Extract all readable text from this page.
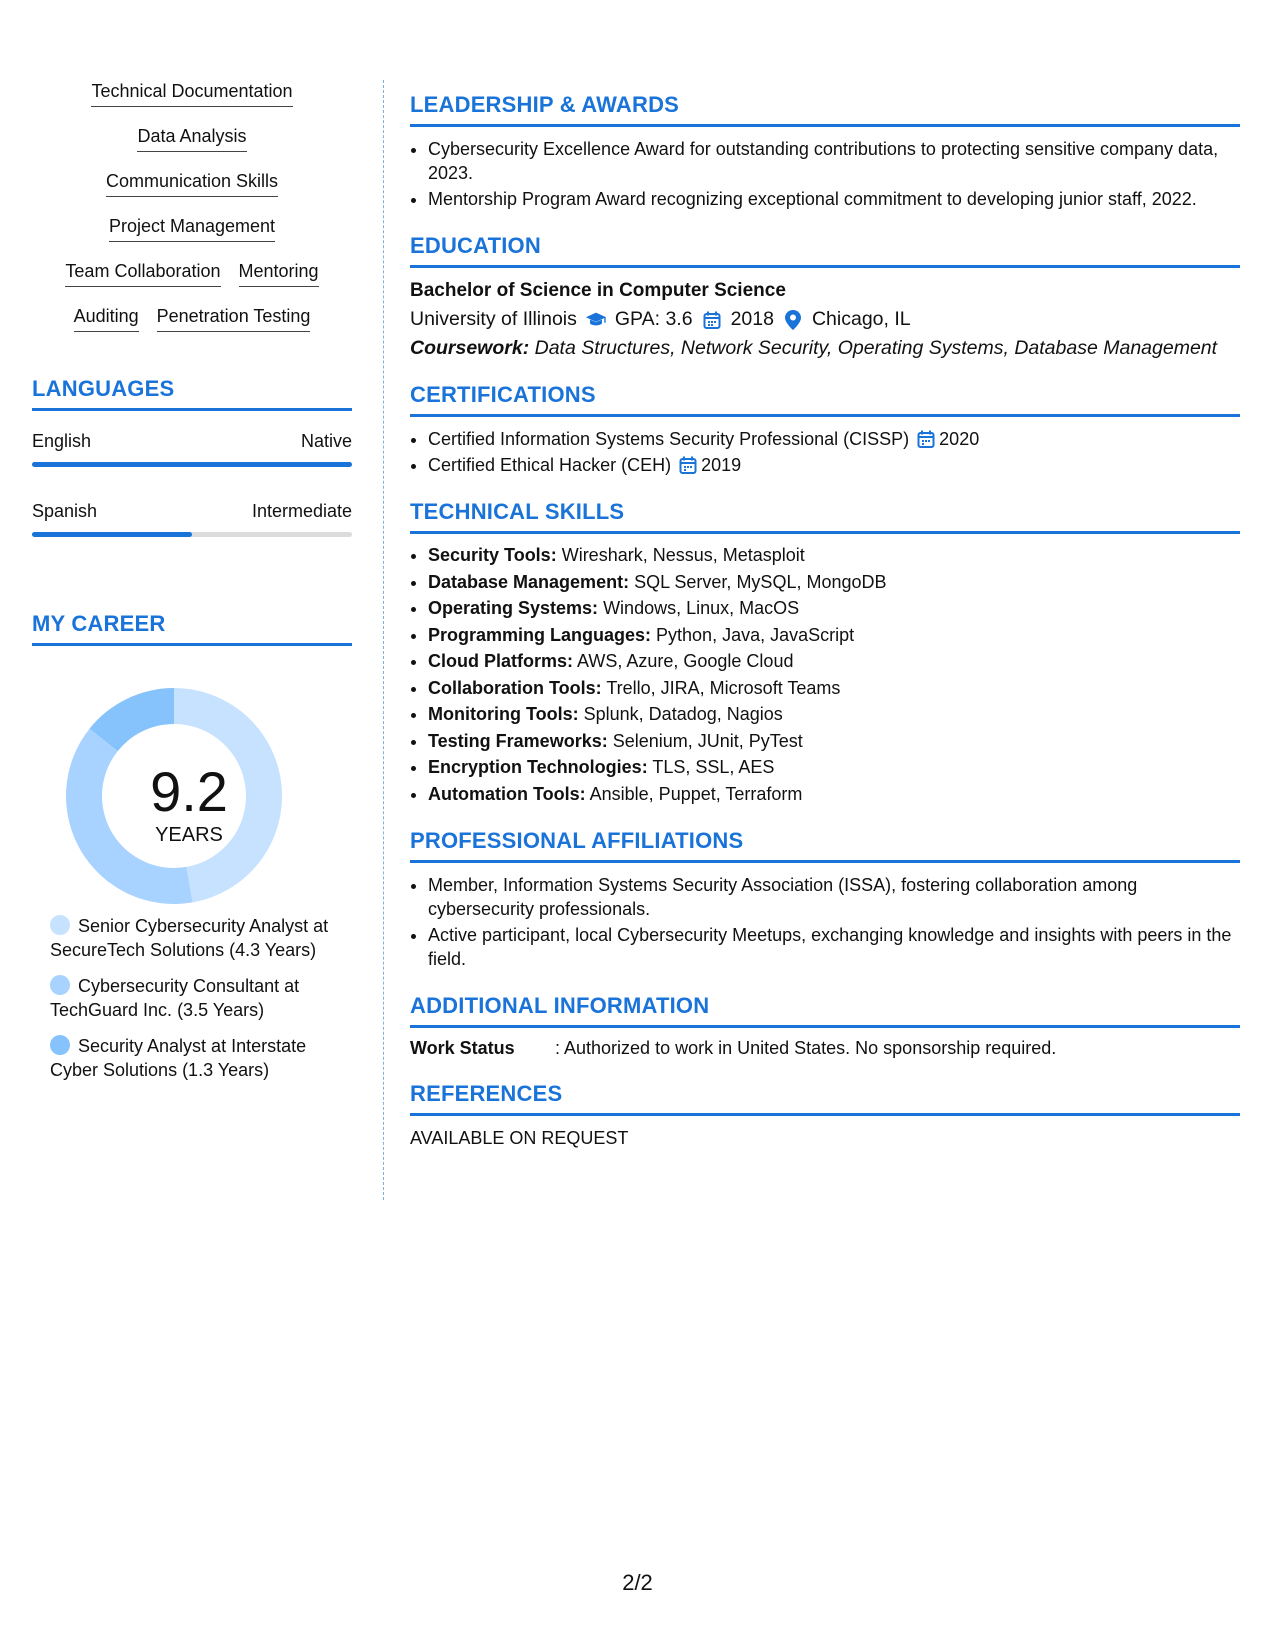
Technical Documentation
Data Analysis
Communication Skills
Project Management
Team Collaboration Mentoring
Auditing Penetration Testing
LANGUAGES
English	Native
Spanish	Intermediate
MY CAREER
9.2
YEARS
Senior Cybersecurity Analyst at SecureTech Solutions (4.3 Years)
Cybersecurity Consultant at TechGuard Inc. (3.5 Years)
Security Analyst at Interstate Cyber Solutions (1.3 Years)
LEADERSHIP & AWARDS
• Cybersecurity Excellence Award for outstanding contributions to protecting sensitive company data, 2023.
• Mentorship Program Award recognizing exceptional commitment to developing junior staff, 2022.
EDUCATION
Bachelor of Science in Computer Science
University of Illinois GPA: 3.6 2018 Chicago, IL
Coursework: Data Structures, Network Security, Operating Systems, Database Management
CERTIFICATIONS
• Certified Information Systems Security Professional (CISSP) 2020
• Certified Ethical Hacker (CEH) 2019
TECHNICAL SKILLS
• Security Tools: Wireshark, Nessus, Metasploit
• Database Management: SQL Server, MySQL, MongoDB
• Operating Systems: Windows, Linux, MacOS
• Programming Languages: Python, Java, JavaScript
• Cloud Platforms: AWS, Azure, Google Cloud
• Collaboration Tools: Trello, JIRA, Microsoft Teams
• Monitoring Tools: Splunk, Datadog, Nagios
• Testing Frameworks: Selenium, JUnit, PyTest
• Encryption Technologies: TLS, SSL, AES
• Automation Tools: Ansible, Puppet, Terraform
PROFESSIONAL AFFILIATIONS
• Member, Information Systems Security Association (ISSA), fostering collaboration among cybersecurity professionals.
• Active participant, local Cybersecurity Meetups, exchanging knowledge and insights with peers in the field.
ADDITIONAL INFORMATION
Work Status	: Authorized to work in United States. No sponsorship required.
REFERENCES
AVAILABLE ON REQUEST
2/2
